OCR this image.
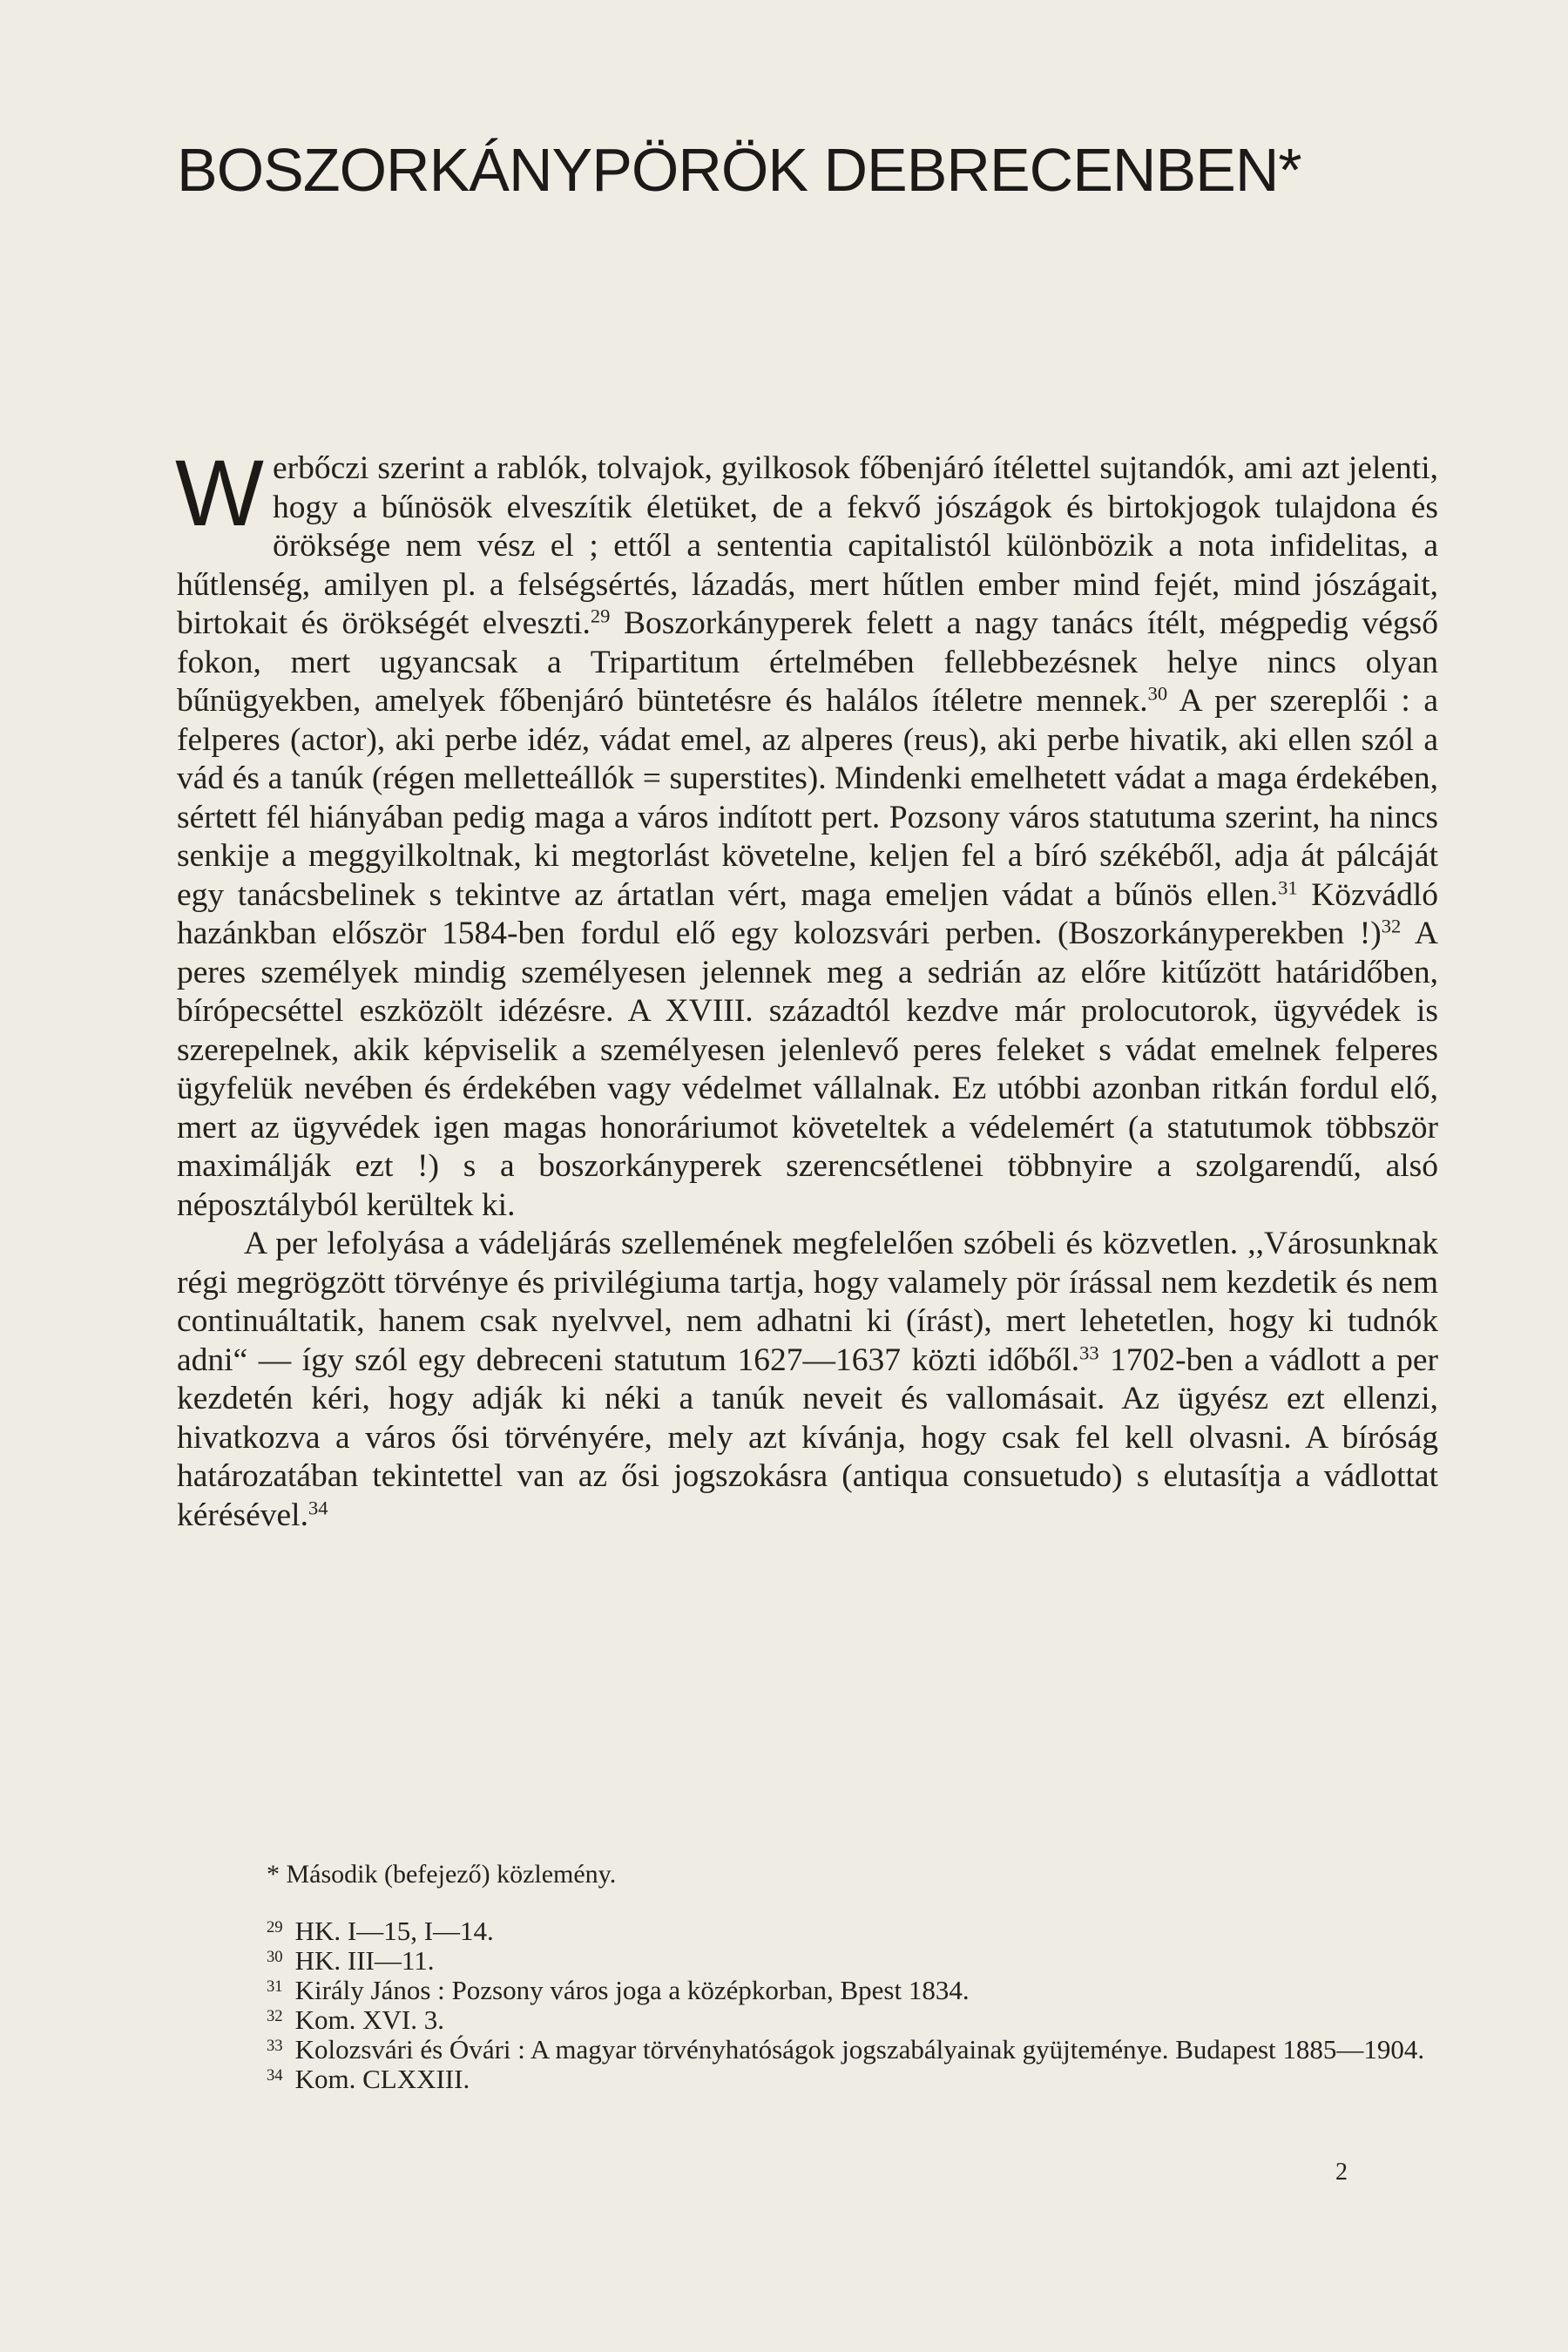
BOSZORKÁNYPÖRÖK DEBRECENBEN*

Werbőczi szerint a rablók, tolvajok, gyilkosok főbenjáró ítélettel sujtandók, ami azt jelenti, hogy a bűnösök elveszítik életüket, de a fekvő jószágok és birtokjogok tulajdona és öröksége nem vész el ; ettől a sententia capitalistól különbözik a nota infidelitas, a hűtlenség, amilyen pl. a felségsértés, lázadás, mert hűtlen ember mind fejét, mind jószágait, birtokait és örökségét elveszti.$^{29}$ Boszorkányperek felett a nagy tanács ítélt, mégpedig végső fokon, mert ugyancsak a Tripartitum értelmében fellebbezésnek helye nincs olyan bűnügyekben, amelyek főbenjáró büntetésre és halálos ítéletre mennek.$^{30}$ A per szereplői : a felperes (actor), aki perbe idéz, vádat emel, az alperes (reus), aki perbe hivatik, aki ellen szól a vád és a tanúk (régen melletteállók = superstites). Mindenki emelhetett vádat a maga érdekében, sértett fél hiányában pedig maga a város indított pert. Pozsony város statutuma szerint, ha nincs senkije a meggyilkoltnak, ki megtorlást követelne, keljen fel a bíró székéből, adja át pálcáját egy tanácsbelinek s tekintve az ártatlan vért, maga emeljen vádat a bűnös ellen.$^{31}$ Közvádló hazánkban először 1584-ben fordul elő egy kolozsvári perben. (Boszorkányperekben !)$^{32}$ A peres személyek mindig személyesen jelennek meg a sedrián az előre kitűzött határidőben, bírópecséttel eszközölt idézésre. A XVIII. századtól kezdve már prolocutorok, ügyvédek is szerepelnek, akik képviselik a személyesen jelenlevő peres feleket s vádat emelnek felperes ügyfelük nevében és érdekében vagy védelmet vállalnak. Ez utóbbi azonban ritkán fordul elő, mert az ügyvédek igen magas honoráriumot követeltek a védelemért (a statutumok többször maximálják ezt !) s a boszorkányperek szerencsétlenei többnyire a szolgarendű, alsó néposztályból kerültek ki.

A per lefolyása a vádeljárás szellemének megfelelően szóbeli és közvetlen. ,,Városunknak régi megrögzött törvénye és privilégiuma tartja, hogy valamely pör írással nem kezdetik és nem continuáltatik, hanem csak nyelvvel, nem adhatni ki (írást), mert lehetetlen, hogy ki tudnók adni“ — így szól egy debreceni statutum 1627—1637 közti időből.$^{33}$ 1702-ben a vádlott a per kezdetén kéri, hogy adják ki néki a tanúk neveit és vallomásait. Az ügyész ezt ellenzi, hivatkozva a város ősi törvényére, mely azt kívánja, hogy csak fel kell olvasni. A bíróság határozatában tekintettel van az ősi jogszokásra (antiqua consuetudo) s elutasítja a vádlottat kérésével.$^{34}$

* Második (befejező) közlemény.

29 HK. I—15, I—14.
30 HK. III—11.
31 Király János : Pozsony város joga a középkorban, Bpest 1834.
32 Kom. XVI. 3.
33 Kolozsvári és Óvári : A magyar törvényhatóságok jogszabályainak gyüjteménye. Budapest 1885—1904.
34 Kom. CLXXIII.
2
